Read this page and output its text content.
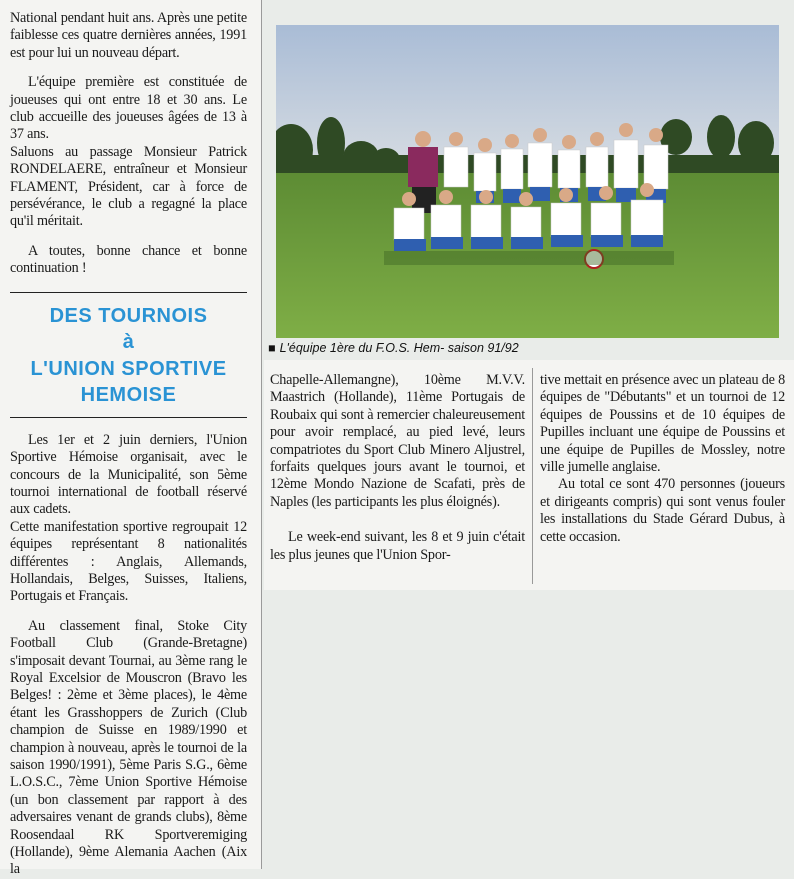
National pendant huit ans. Après une petite faiblesse ces quatre dernières années, 1991 est pour lui un nouveau départ.

L'équipe première est constituée de joueuses qui ont entre 18 et 30 ans. Le club accueille des joueuses âgées de 13 à 37 ans.

Saluons au passage Monsieur Patrick RONDELAERE, entraîneur et Monsieur FLAMENT, Président, car à force de persévérance, le club a regagné la place qu'il méritait.

A toutes, bonne chance et bonne continuation !

DES TOURNOIS
à
L'UNION SPORTIVE
HEMOISE

Les 1er et 2 juin derniers, l'Union Sportive Hémoise organisait, avec le concours de la Municipalité, son 5ème tournoi international de football réservé aux cadets.

Cette manifestation sportive regroupait 12 équipes représentant 8 nationalités différentes : Anglais, Allemands, Hollandais, Belges, Suisses, Italiens, Portugais et Français.

Au classement final, Stoke City Football Club (Grande-Bretagne) s'imposait devant Tournai, au 3ème rang le Royal Excelsior de Mouscron (Bravo les Belges! : 2ème et 3ème places), le 4ème étant les Grasshoppers de Zurich (Club champion de Suisse en 1989/1990 et champion à nouveau, après le tournoi de la saison 1990/1991), 5ème Paris S.G., 6ème L.O.S.C., 7ème Union Sportive Hémoise (un bon classement par rapport à des adversaires venant de grands clubs), 8ème Roosendaal RK Sportveremiging (Hollande), 9ème Alemania Aachen (Aix la

■ L'équipe 1ère du F.O.S. Hem- saison 91/92

Chapelle-Allemangne), 10ème M.V.V. Maastrich (Hollande), 11ème Portugais de Roubaix qui sont à remercier chaleureusement pour avoir remplacé, au pied levé, leurs compatriotes du Sport Club Minero Aljustrel, forfaits quelques jours avant le tournoi, et 12ème Mondo Nazione de Scafati, près de Naples (les participants les plus éloignés).

Le week-end suivant, les 8 et 9 juin c'était les plus jeunes que l'Union Spor-

tive mettait en présence avec un plateau de 8 équipes de "Débutants" et un tournoi de 12 équipes de Poussins et de 10 équipes de Pupilles incluant une équipe de Poussins et une équipe de Pupilles de Mossley, notre ville jumelle anglaise.

Au total ce sont 470 personnes (joueurs et dirigeants compris) qui sont venus fouler les installations du Stade Gérard Dubus, à cette occasion.
